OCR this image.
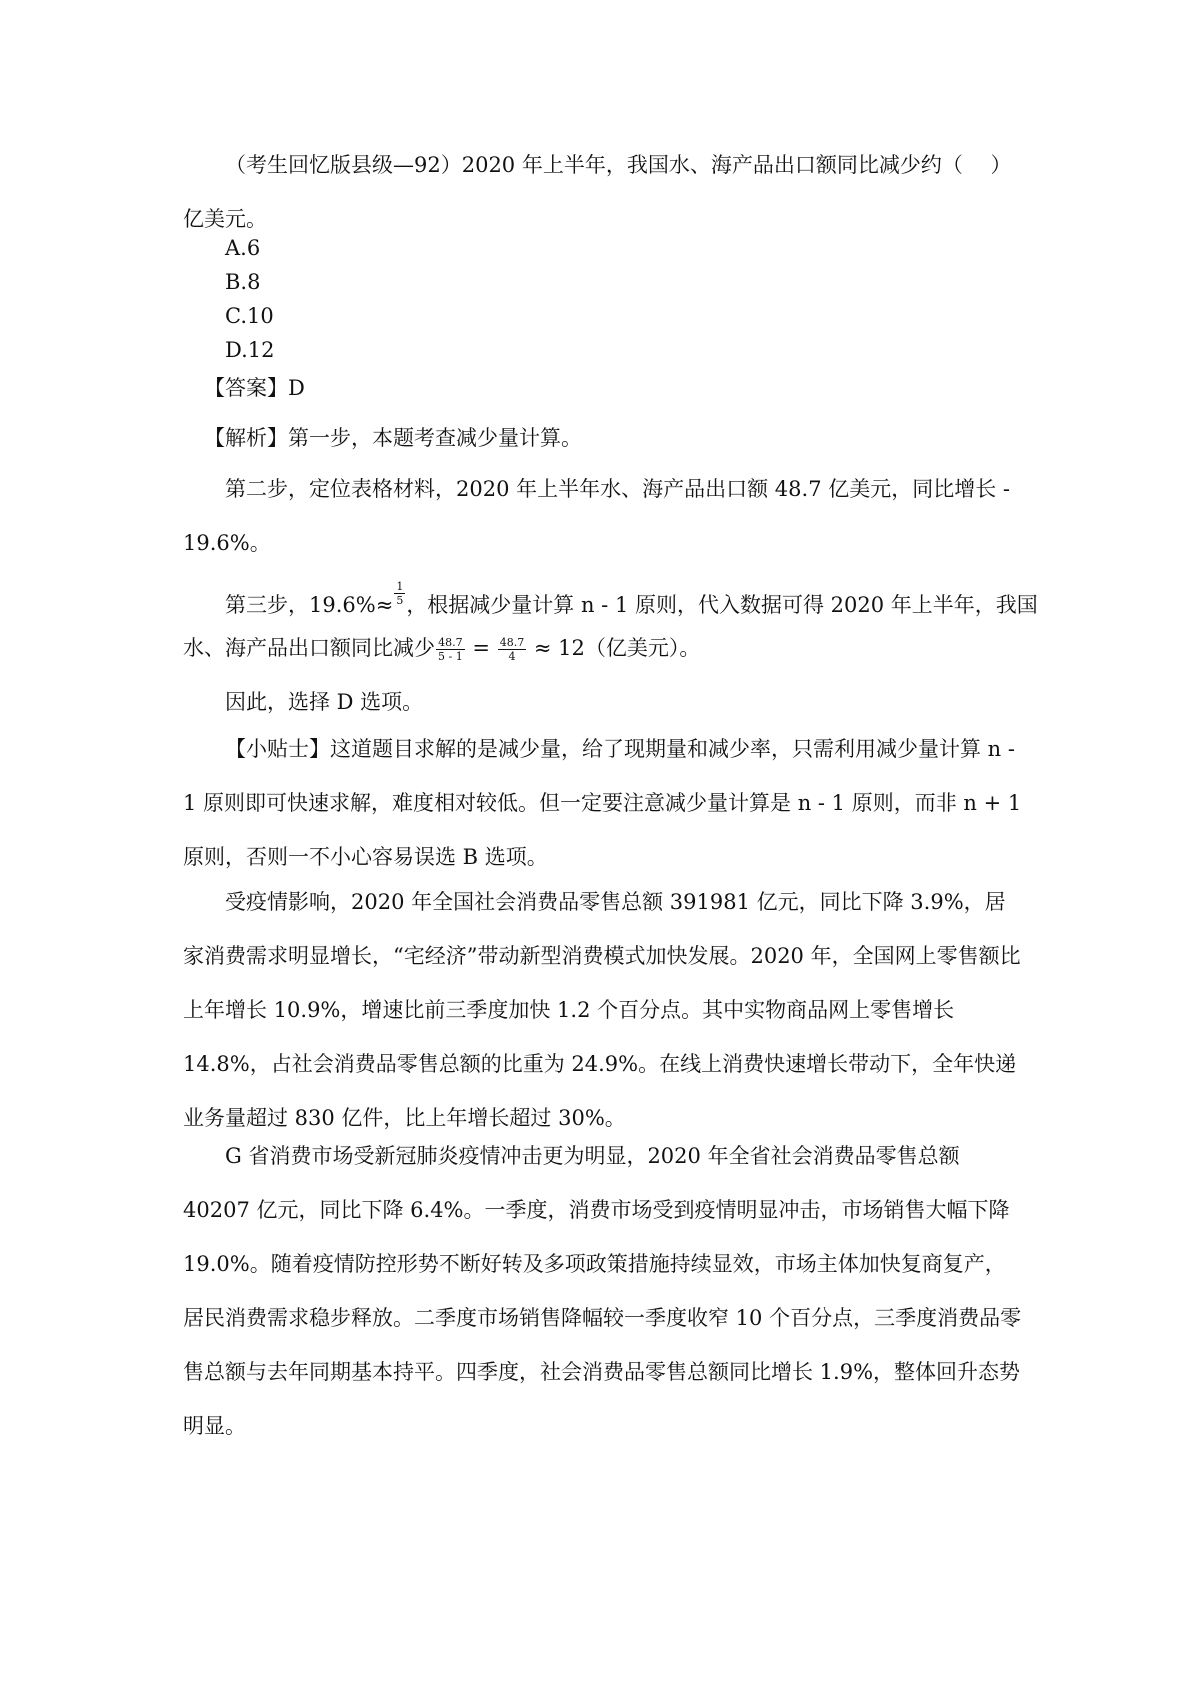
（考生回忆版县级—92）2020 年上半年，我国水、海产品出口额同比减少约（　 ）亿美元。
A.6
B.8
C.10
D.12
【答案】D
【解析】第一步，本题考查减少量计算。
第二步，定位表格材料，2020 年上半年水、海产品出口额 48.7 亿美元，同比增长 - 19.6%。
第三步，$19.6\%\approx \frac{1}{5}$ ，根据减少量计算 n - 1 原则，代入数据可得 2020 年上半年，我国
水、海产品出口额同比减少 $\frac{48.7}{5 - 1} = \frac{48.7}{4} \approx 12$（亿美元）。
因此，选择 D 选项。
【小贴士】这道题目求解的是减少量，给了现期量和减少率，只需利用减少量计算 n - 1 原则即可快速求解，难度相对较低。但一定要注意减少量计算是 n - 1 原则，而非 n + 1 原则，否则一不小心容易误选 B 选项。
受疫情影响，2020 年全国社会消费品零售总额 391981 亿元，同比下降 3.9%，居家消费需求明显增长，“宅经济”带动新型消费模式加快发展。2020 年，全国网上零售额比上年增长 10.9%，增速比前三季度加快 1.2 个百分点。其中实物商品网上零售增长 14.8%，占社会消费品零售总额的比重为 24.9%。在线上消费快速增长带动下，全年快递业务量超过 830 亿件，比上年增长超过 30%。
G 省消费市场受新冠肺炎疫情冲击更为明显，2020 年全省社会消费品零售总额 40207 亿元，同比下降 6.4%。一季度，消费市场受到疫情明显冲击，市场销售大幅下降 19.0%。随着疫情防控形势不断好转及多项政策措施持续显效，市场主体加快复商复产，居民消费需求稳步释放。二季度市场销售降幅较一季度收窄 10 个百分点，三季度消费品零售总额与去年同期基本持平。四季度，社会消费品零售总额同比增长 1.9%，整体回升态势明显。
